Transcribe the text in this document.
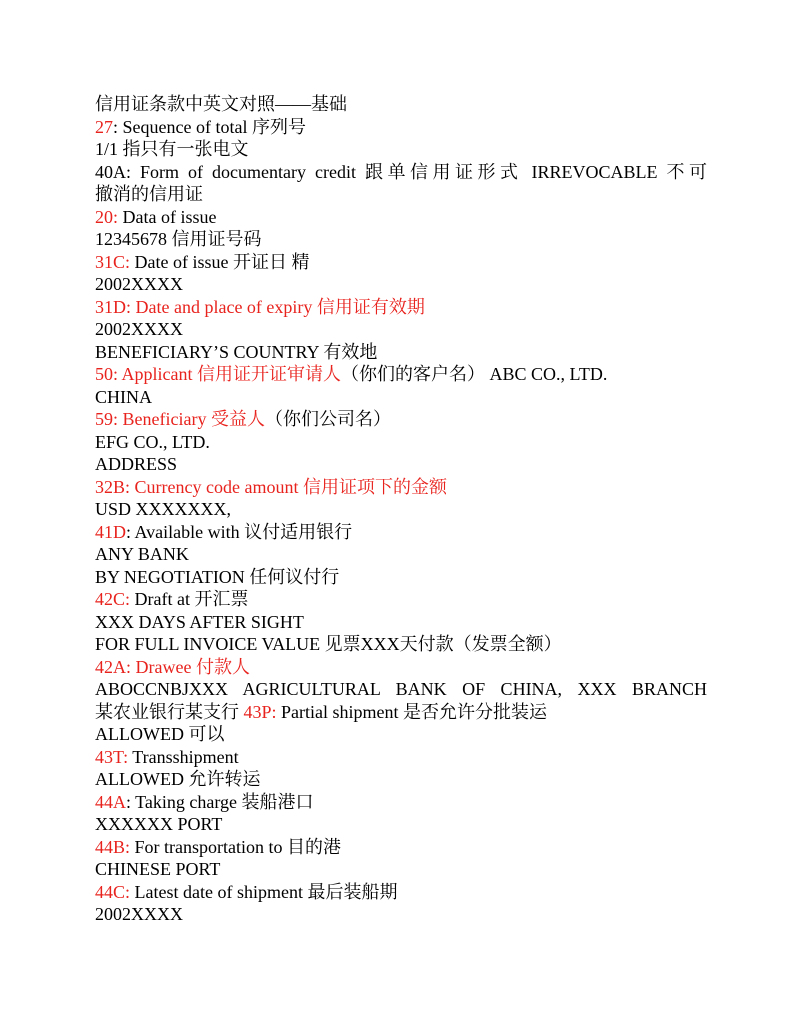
信用证条款中英文对照——基础
27: Sequence of total 序列号
1/1 指只有一张电文
40A: Form of documentary credit 跟单信用证形式 IRREVOCABLE 不可
撤消的信用证
20: Data of issue
12345678 信用证号码
31C: Date of issue 开证日 精
2002XXXX
31D: Date and place of expiry 信用证有效期
2002XXXX
BENEFICIARY’S COUNTRY 有效地
50: Applicant 信用证开证审请人（你们的客户名） ABC CO., LTD.
CHINA
59: Beneficiary 受益人（你们公司名）
EFG CO., LTD.
ADDRESS
32B: Currency code amount 信用证项下的金额
USD XXXXXXX,
41D: Available with 议付适用银行
ANY BANK
BY NEGOTIATION 任何议付行
42C: Draft at 开汇票
XXX DAYS AFTER SIGHT
FOR FULL INVOICE VALUE 见票XXX天付款（发票全额）
42A: Drawee 付款人
ABOCCNBJXXX AGRICULTURAL BANK OF CHINA, XXX BRANCH
某农业银行某支行 43P: Partial shipment 是否允许分批装运
ALLOWED 可以
43T: Transshipment
ALLOWED 允许转运
44A: Taking charge 装船港口
XXXXXX PORT
44B: For transportation to 目的港
CHINESE PORT
44C: Latest date of shipment 最后装船期
2002XXXX
